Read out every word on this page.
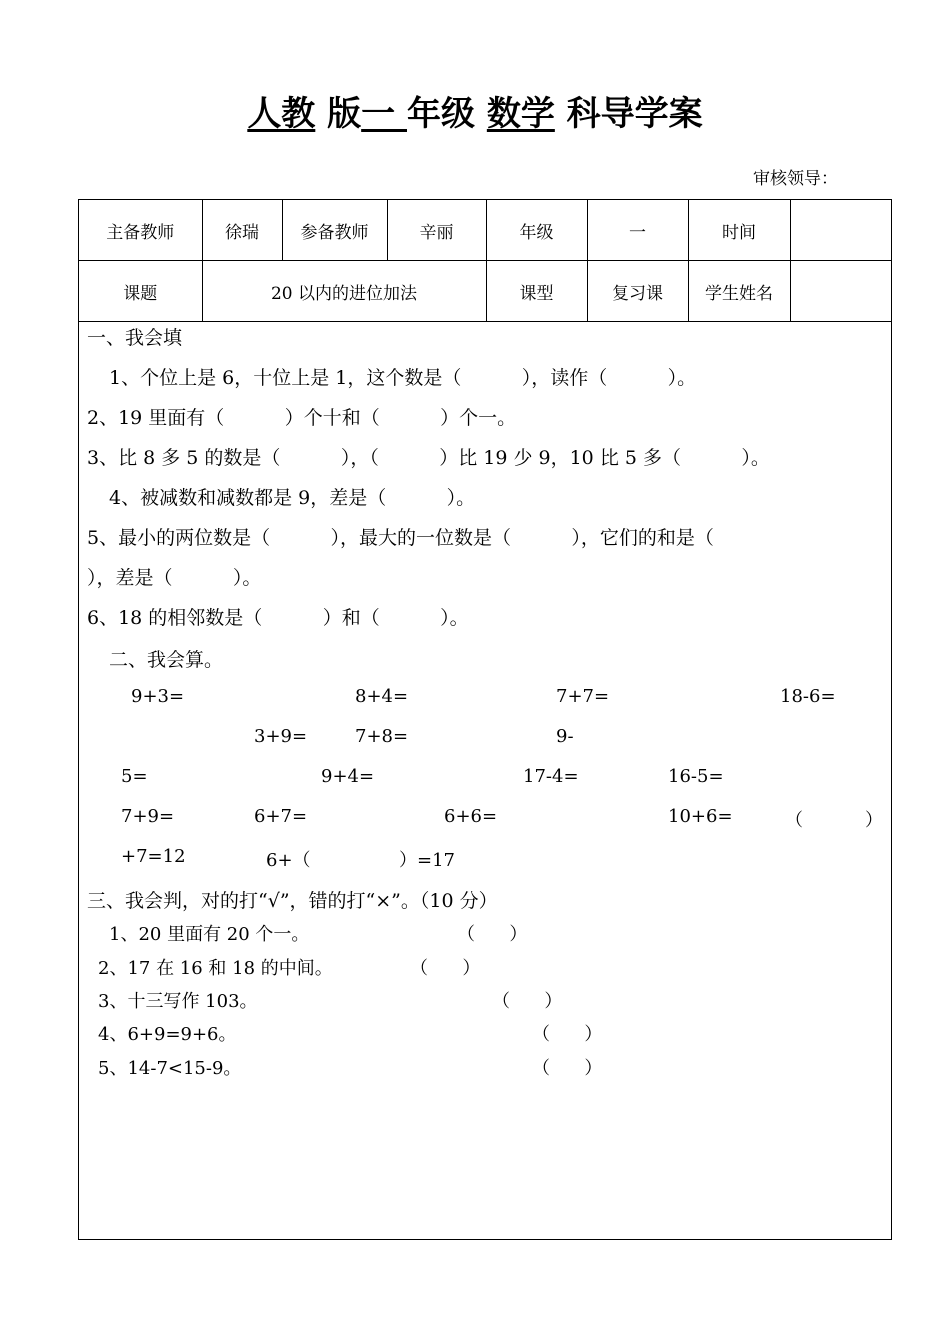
人教 版一 年级 数学 科导学案
审核领导：
主备教师	徐瑞	参备教师	辛丽	年级	一	时间	
课题	20 以内的进位加法			课型	复习课	学生姓名	
一、我会填
1、个位上是 6，十位上是 1，这个数是（          ），读作（          ）。
2、19 里面有（          ）个十和（          ）个一。
3、比 8 多 5 的数是（          ），（          ）比 19 少 9，10 比 5 多（          ）。
4、被减数和减数都是 9，差是（          ）。
5、最小的两位数是（          ），最大的一位数是（          ），它们的和是（
），差是（          ）。
6、18 的相邻数是（          ）和（          ）。
二、我会算。
9+3=	8+4=	7+7=	18-6=
3+9=	7+8=	9-
5=	9+4=	17-4=	16-5=
7+9=	6+7=	6+6=	10+6=	（	）
+7=12	6+（	）=17
三、我会判，对的打“√”，错的打“×”。（10 分）
1、20 里面有 20 个一。	（      ）
2、17 在 16 和 18 的中间。	（      ）
3、十三写作 103。	（      ）
4、6+9=9+6。	（      ）
5、14-7<15-9。	（      ）
